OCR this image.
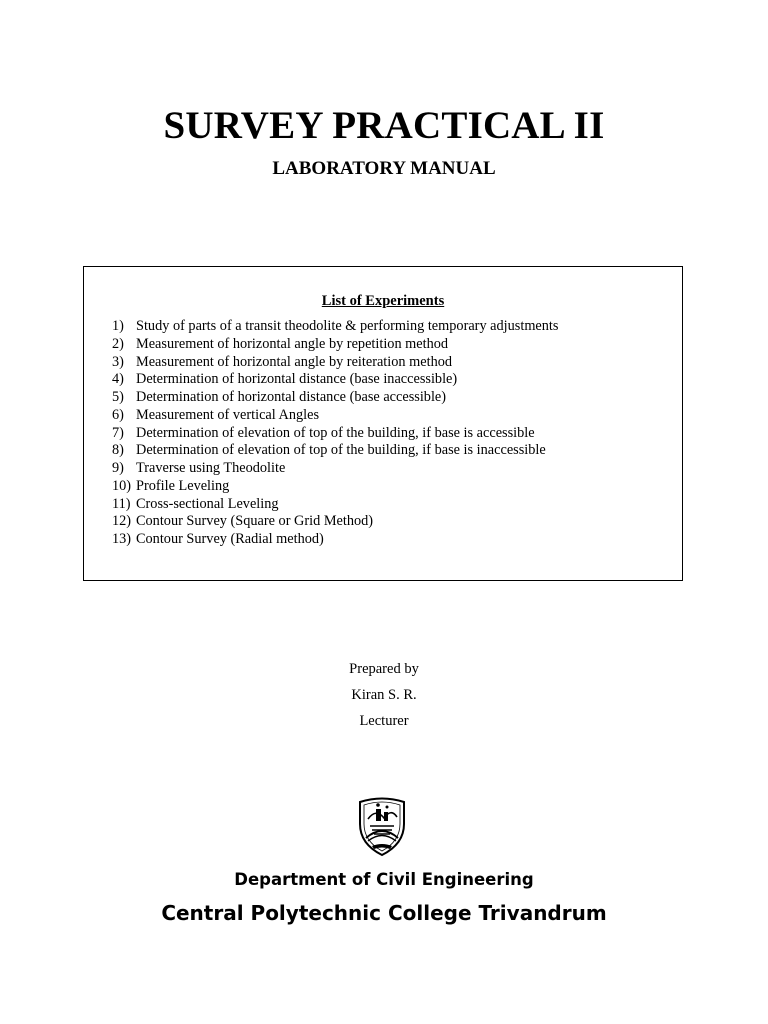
SURVEY PRACTICAL II
LABORATORY MANUAL
List of Experiments
1) Study of parts of a transit theodolite & performing temporary adjustments
2) Measurement of horizontal angle by repetition method
3) Measurement of horizontal angle by reiteration method
4) Determination of horizontal distance (base inaccessible)
5) Determination of horizontal distance (base accessible)
6) Measurement of vertical Angles
7) Determination of elevation of top of the building, if base is accessible
8) Determination of elevation of top of the building, if base is inaccessible
9) Traverse using Theodolite
10) Profile Leveling
11) Cross-sectional Leveling
12) Contour Survey (Square or Grid Method)
13) Contour Survey (Radial method)
Prepared by
Kiran S. R.
Lecturer
Department of Civil Engineering
Central Polytechnic College Trivandrum
